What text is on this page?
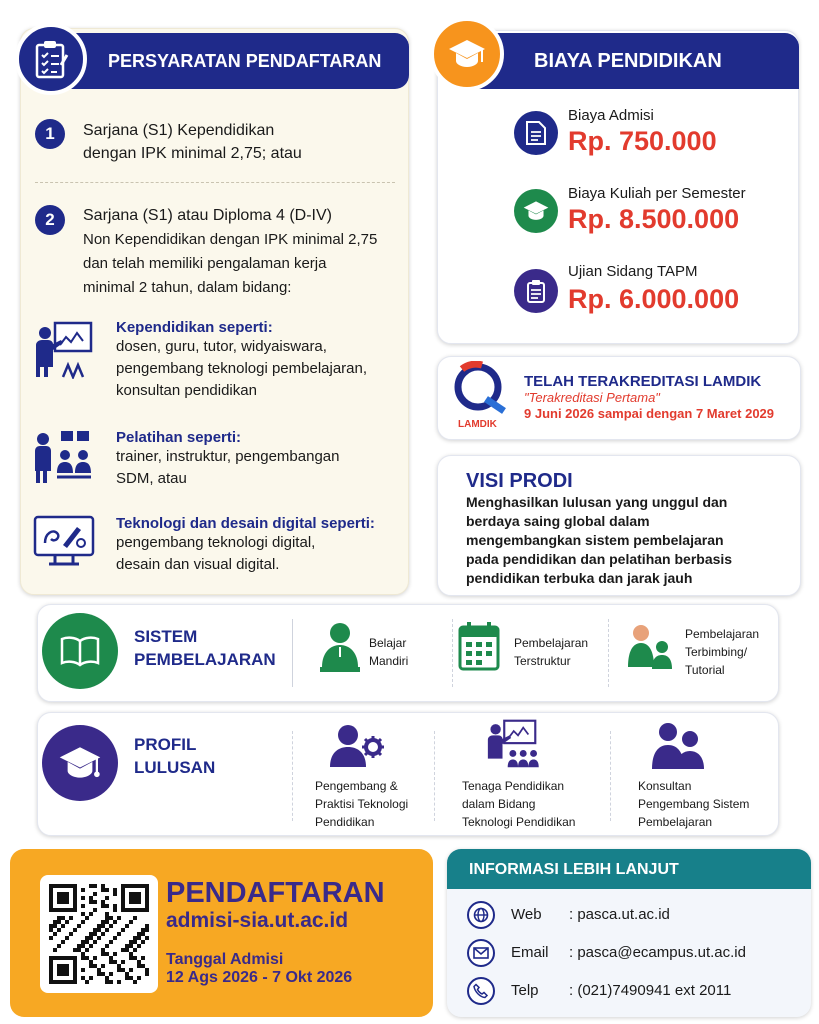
PERSYARATAN PENDAFTARAN
1	Sarjana (S1) Kependidikan
dengan IPK minimal 2,75; atau
2	Sarjana (S1) atau Diploma 4 (D-IV)
Non Kependidikan dengan IPK minimal 2,75
dan telah memiliki pengalaman kerja
minimal 2 tahun, dalam bidang:
Kependidikan seperti:
dosen, guru, tutor, widyaiswara,
pengembang teknologi pembelajaran,
konsultan pendidikan
Pelatihan seperti:
trainer, instruktur, pengembangan
SDM, atau
Teknologi dan desain digital seperti:
pengembang teknologi digital,
desain dan visual digital.
BIAYA PENDIDIKAN
Biaya Admisi
Rp. 750.000
Biaya Kuliah per Semester
Rp. 8.500.000
Ujian Sidang TAPM
Rp. 6.000.000
LAMDIK
TELAH TERAKREDITASI LAMDIK
"Terakreditasi Pertama"
9 Juni 2026 sampai dengan 7 Maret 2029
VISI PRODI
Menghasilkan lulusan yang unggul dan
berdaya saing global dalam
mengembangkan sistem pembelajaran
pada pendidikan dan pelatihan berbasis
pendidikan terbuka dan jarak jauh
SISTEM
PEMBELAJARAN
Belajar
Mandiri
Pembelajaran
Terstruktur
Pembelajaran
Terbimbing/
Tutorial
PROFIL
LULUSAN
Pengembang &
Praktisi Teknologi
Pendidikan
Tenaga Pendidikan
dalam Bidang
Teknologi Pendidikan
Konsultan
Pengembang Sistem
Pembelajaran
PENDAFTARAN
admisi-sia.ut.ac.id
Tanggal Admisi
12 Ags 2026 - 7 Okt 2026
INFORMASI LEBIH LANJUT
Web : pasca.ut.ac.id
Email : pasca@ecampus.ut.ac.id
Telp : (021)7490941 ext 2011
